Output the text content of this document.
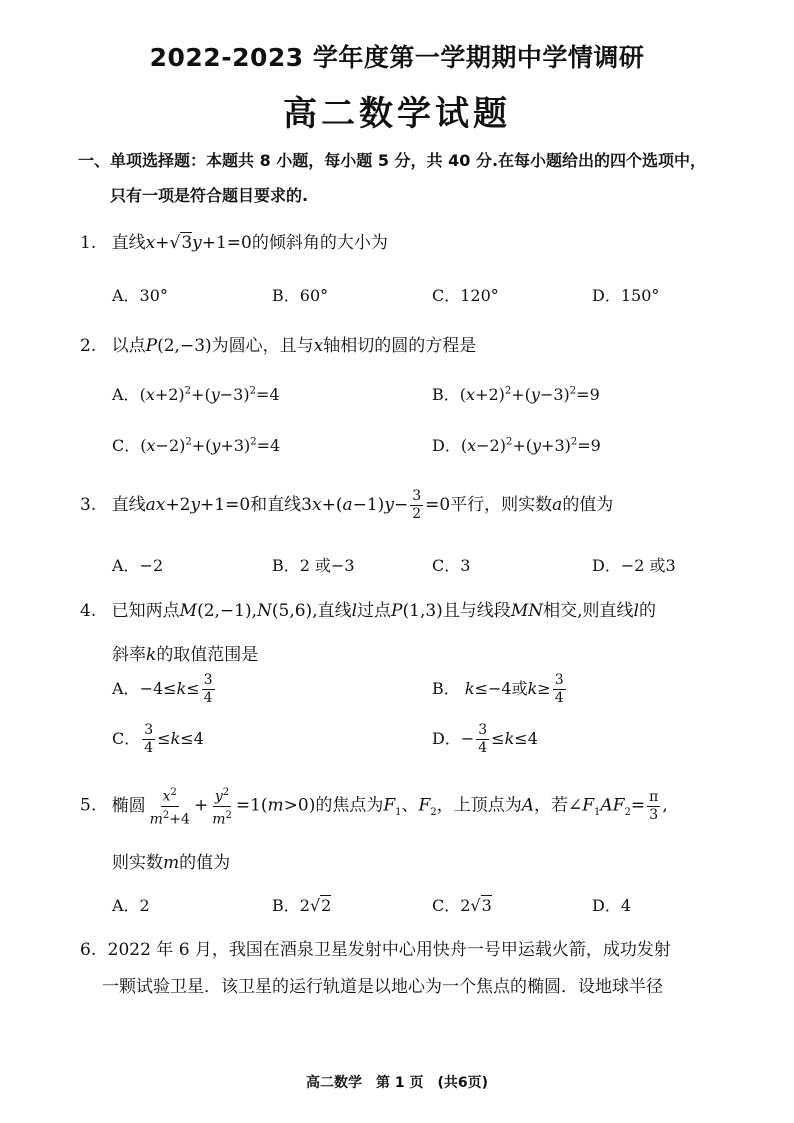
2022-2023 学年度第一学期期中学情调研
高二数学试题
一、单项选择题：本题共 8 小题，每小题 5 分，共 40 分.在每小题给出的四个选项中，
只有一项是符合题目要求的.
1. 直线x+√3y+1=0的倾斜角的大小为
A．30°	B．60°	C．120°	D．150°
2. 以点P(2,−3)为圆心，且与x轴相切的圆的方程是
A．$(x+2)^2+(y-3)^2=4$	B．$(x+2)^2+(y-3)^2=9$
C．$(x-2)^2+(y+3)^2=4$	D．$(x-2)^2+(y+3)^2=9$
3. 直线ax+2y+1=0和直线$3x+(a-1)y- \frac{3}{2} =0$平行，则实数a的值为
A．−2	B．2 或−3	C．3	D．−2 或3
4. 已知两点M(2,−1),N(5,6),直线l过点P(1,3)且与线段MN相交,则直线l的
斜率k的取值范围是
A．$-4\le k\le \frac{3}{4}$	B． k≤−4或$k\ge \frac{3}{4}$
C． $\frac{3}{4} \le k\le 4$	D．− $\frac{3}{4} \le k\le 4$
5. 椭圆 $\frac{x^2}{m^2+4} + \frac{y^2}{m^2} =1(m>0)$的焦点为$F_1$、$F_2$，上顶点为A，若$\angle F_1AF_2= \frac{\pi}{3}$ ,
则实数m的值为
A．2	B．2√2	C．2√3	D．4
6. 2022 年 6 月，我国在酒泉卫星发射中心用快舟一号甲运载火箭，成功发射
一颗试验卫星．该卫星的运行轨道是以地心为一个焦点的椭圆．设地球半径
高二数学　第 1 页　(共6页)
